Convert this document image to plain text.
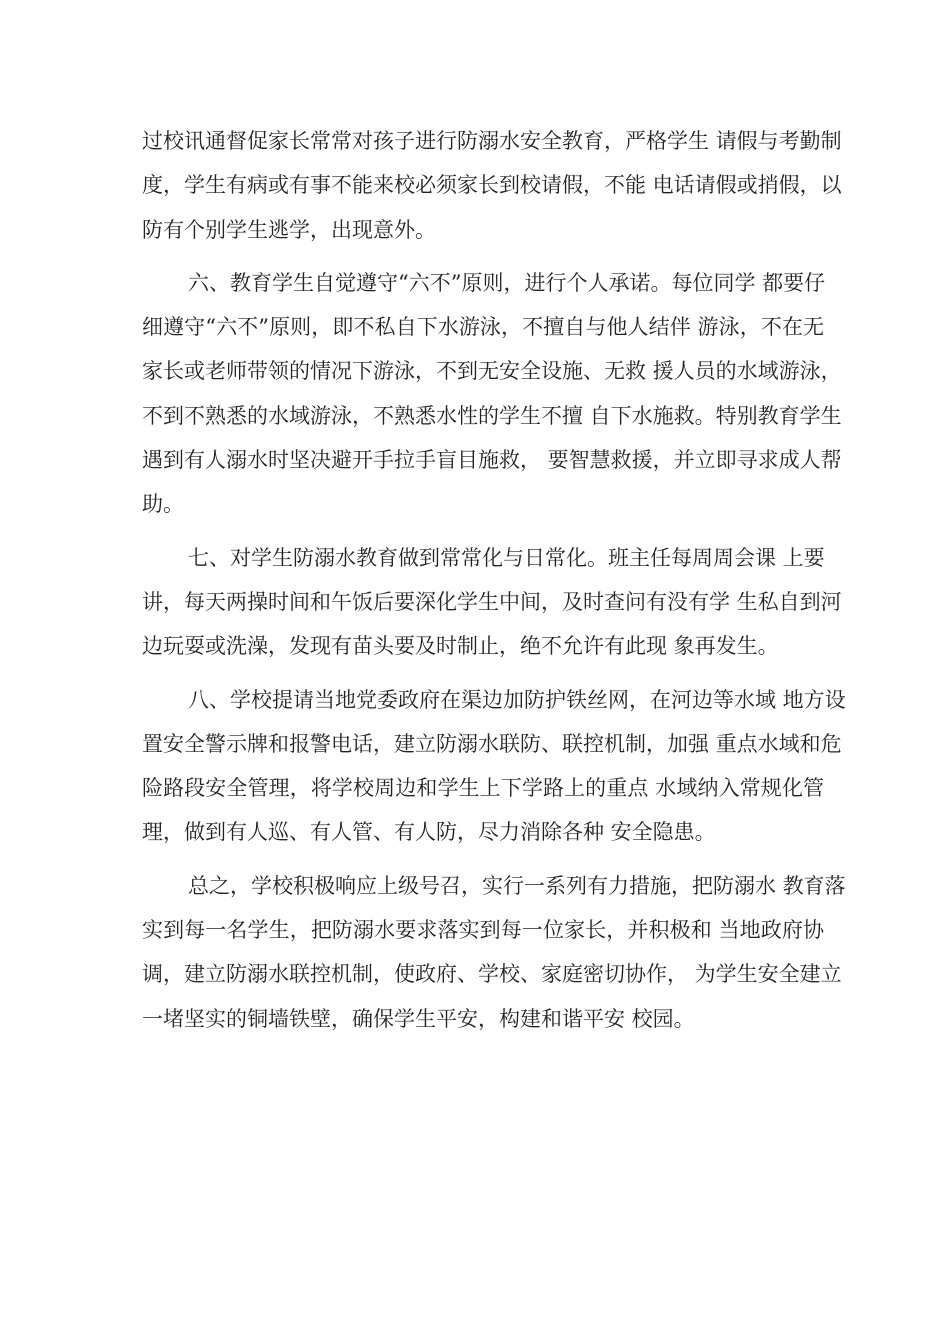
过校讯通督促家长常常对孩子进行防溺水安全教育，严格学生 请假与考勤制
度，学生有病或有事不能来校必须家长到校请假，不能 电话请假或捎假，以
防有个别学生逃学，出现意外。
六、教育学生自觉遵守“六不”原则，进行个人承诺。每位同学 都要仔
细遵守“六不”原则，即不私自下水游泳，不擅自与他人结伴 游泳，不在无
家长或老师带领的情况下游泳，不到无安全设施、无救 援人员的水域游泳，
不到不熟悉的水域游泳，不熟悉水性的学生不擅 自下水施救。特别教育学生
遇到有人溺水时坚决避开手拉手盲目施救， 要智慧救援，并立即寻求成人帮
助。
七、对学生防溺水教育做到常常化与日常化。班主任每周周会课 上要
讲，每天两操时间和午饭后要深化学生中间，及时查问有没有学 生私自到河
边玩耍或洗澡，发现有苗头要及时制止，绝不允许有此现 象再发生。
八、学校提请当地党委政府在渠边加防护铁丝网，在河边等水域 地方设
置安全警示牌和报警电话，建立防溺水联防、联控机制，加强 重点水域和危
险路段安全管理，将学校周边和学生上下学路上的重点 水域纳入常规化管
理，做到有人巡、有人管、有人防，尽力消除各种 安全隐患。
总之，学校积极响应上级号召，实行一系列有力措施，把防溺水 教育落
实到每一名学生，把防溺水要求落实到每一位家长，并积极和 当地政府协
调，建立防溺水联控机制，使政府、学校、家庭密切协作， 为学生安全建立
一堵坚实的铜墙铁壁，确保学生平安，构建和谐平安 校园。
